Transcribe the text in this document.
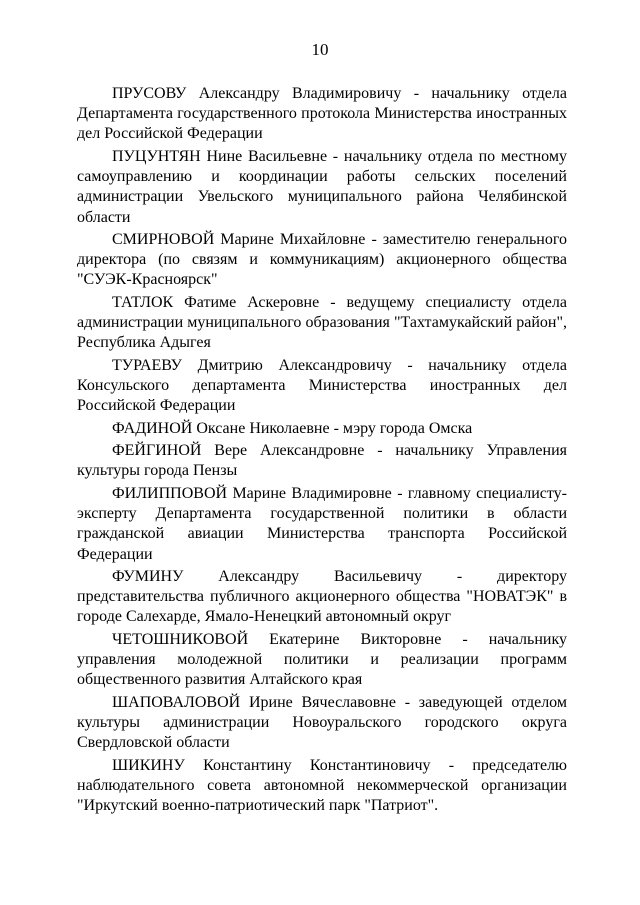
10

ПРУСОВУ Александру Владимировичу - начальнику отдела Департамента государственного протокола Министерства иностранных дел Российской Федерации

ПУЦУНТЯН Нине Васильевне - начальнику отдела по местному самоуправлению и координации работы сельских поселений администрации Увельского муниципального района Челябинской области

СМИРНОВОЙ Марине Михайловне - заместителю генерального директора (по связям и коммуникациям) акционерного общества "СУЭК-Красноярск"

ТАТЛОК Фатиме Аскеровне - ведущему специалисту отдела администрации муниципального образования "Тахтамукайский район", Республика Адыгея

ТУРАЕВУ Дмитрию Александровичу - начальнику отдела Консульского департамента Министерства иностранных дел Российской Федерации

ФАДИНОЙ Оксане Николаевне - мэру города Омска

ФЕЙГИНОЙ Вере Александровне - начальнику Управления культуры города Пензы

ФИЛИППОВОЙ Марине Владимировне - главному специалисту-эксперту Департамента государственной политики в области гражданской авиации Министерства транспорта Российской Федерации

ФУМИНУ Александру Васильевичу - директору представительства публичного акционерного общества "НОВАТЭК" в городе Салехарде, Ямало-Ненецкий автономный округ

ЧЕТОШНИКОВОЙ Екатерине Викторовне - начальнику управления молодежной политики и реализации программ общественного развития Алтайского края

ШАПОВАЛОВОЙ Ирине Вячеславовне - заведующей отделом культуры администрации Новоуральского городского округа Свердловской области

ШИКИНУ Константину Константиновичу - председателю наблюдательного совета автономной некоммерческой организации "Иркутский военно-патриотический парк "Патриот".
